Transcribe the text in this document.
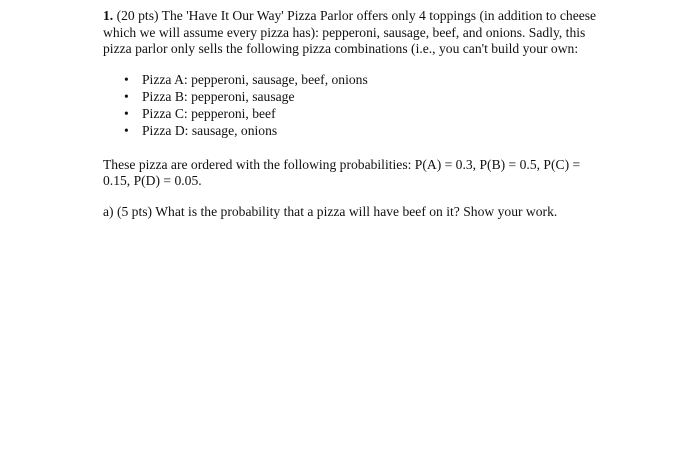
1. (20 pts) The 'Have It Our Way' Pizza Parlor offers only 4 toppings (in addition to cheese which we will assume every pizza has): pepperoni, sausage, beef, and onions. Sadly, this pizza parlor only sells the following pizza combinations (i.e., you can't build your own:

• Pizza A: pepperoni, sausage, beef, onions
• Pizza B: pepperoni, sausage
• Pizza C: pepperoni, beef
• Pizza D: sausage, onions

These pizza are ordered with the following probabilities: P(A) = 0.3, P(B) = 0.5, P(C) = 0.15, P(D) = 0.05.

a) (5 pts) What is the probability that a pizza will have beef on it? Show your work.
